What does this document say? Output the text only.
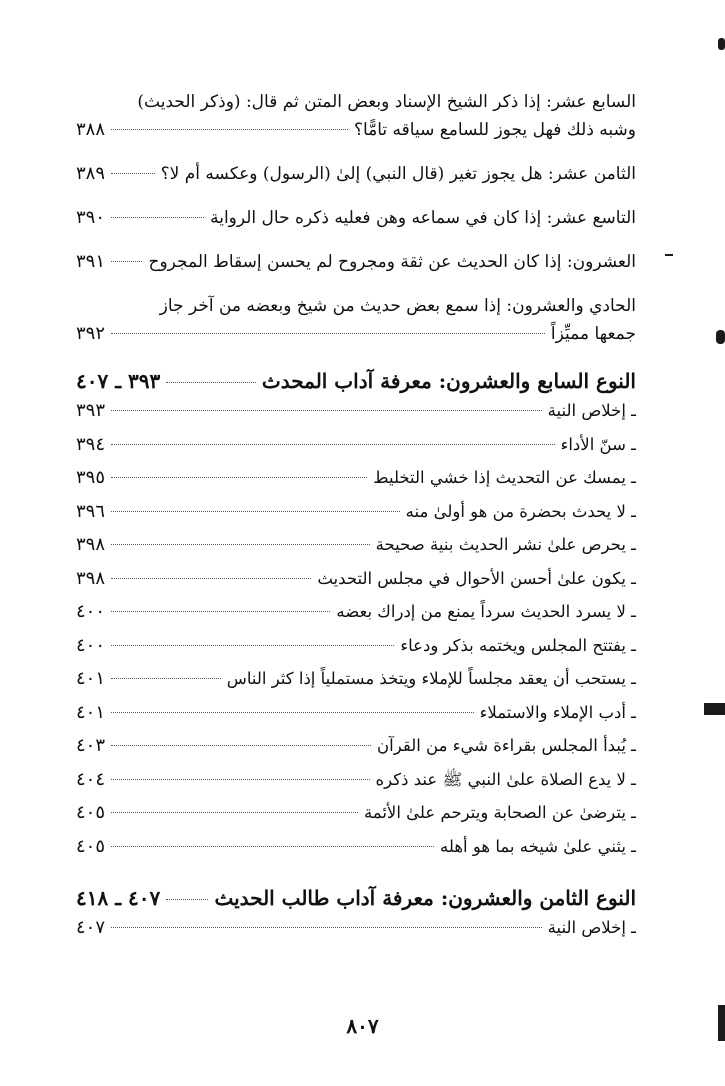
السابع عشر: إذا ذكر الشيخ الإسناد وبعض المتن ثم قال: (وذكر الحديث)
وشبه ذلك فهل يجوز للسامع سياقه تامًّا؟
٣٨٨
الثامن عشر: هل يجوز تغير (قال النبي) إلىٰ (الرسول) وعكسه أم لا؟
٣٨٩
التاسع عشر: إذا كان في سماعه وهن فعليه ذكره حال الرواية
٣٩٠
العشرون: إذا كان الحديث عن ثقة ومجروح لم يحسن إسقاط المجروح
٣٩١
الحادي والعشرون: إذا سمع بعض حديث من شيخ وبعضه من آخر جاز
جمعها مميِّزاً
٣٩٢
النوع السابع والعشرون: معرفة آداب المحدث
٣٩٣ ـ ٤٠٧
ـ إخلاص النية
٣٩٣
ـ سنّ الأداء
٣٩٤
ـ يمسك عن التحديث إذا خشي التخليط
٣٩٥
ـ لا يحدث بحضرة من هو أولىٰ منه
٣٩٦
ـ يحرص علىٰ نشر الحديث بنية صحيحة
٣٩٨
ـ يكون علىٰ أحسن الأحوال في مجلس التحديث
٣٩٨
ـ لا يسرد الحديث سرداً يمنع من إدراك بعضه
٤٠٠
ـ يفتتح المجلس ويختمه بذكر ودعاء
٤٠٠
ـ يستحب أن يعقد مجلساً للإملاء ويتخذ مستملياً إذا كثر الناس
٤٠١
ـ أدب الإملاء والاستملاء
٤٠١
ـ يُبدأ المجلس بقراءة شيء من القرآن
٤٠٣
ـ لا يدع الصلاة علىٰ النبي ﷺ عند ذكره
٤٠٤
ـ يترضىٰ عن الصحابة ويترحم علىٰ الأئمة
٤٠٥
ـ يثني علىٰ شيخه بما هو أهله
٤٠٥
النوع الثامن والعشرون: معرفة آداب طالب الحديث
٤٠٧ ـ ٤١٨
ـ إخلاص النية
٤٠٧
٨٠٧
